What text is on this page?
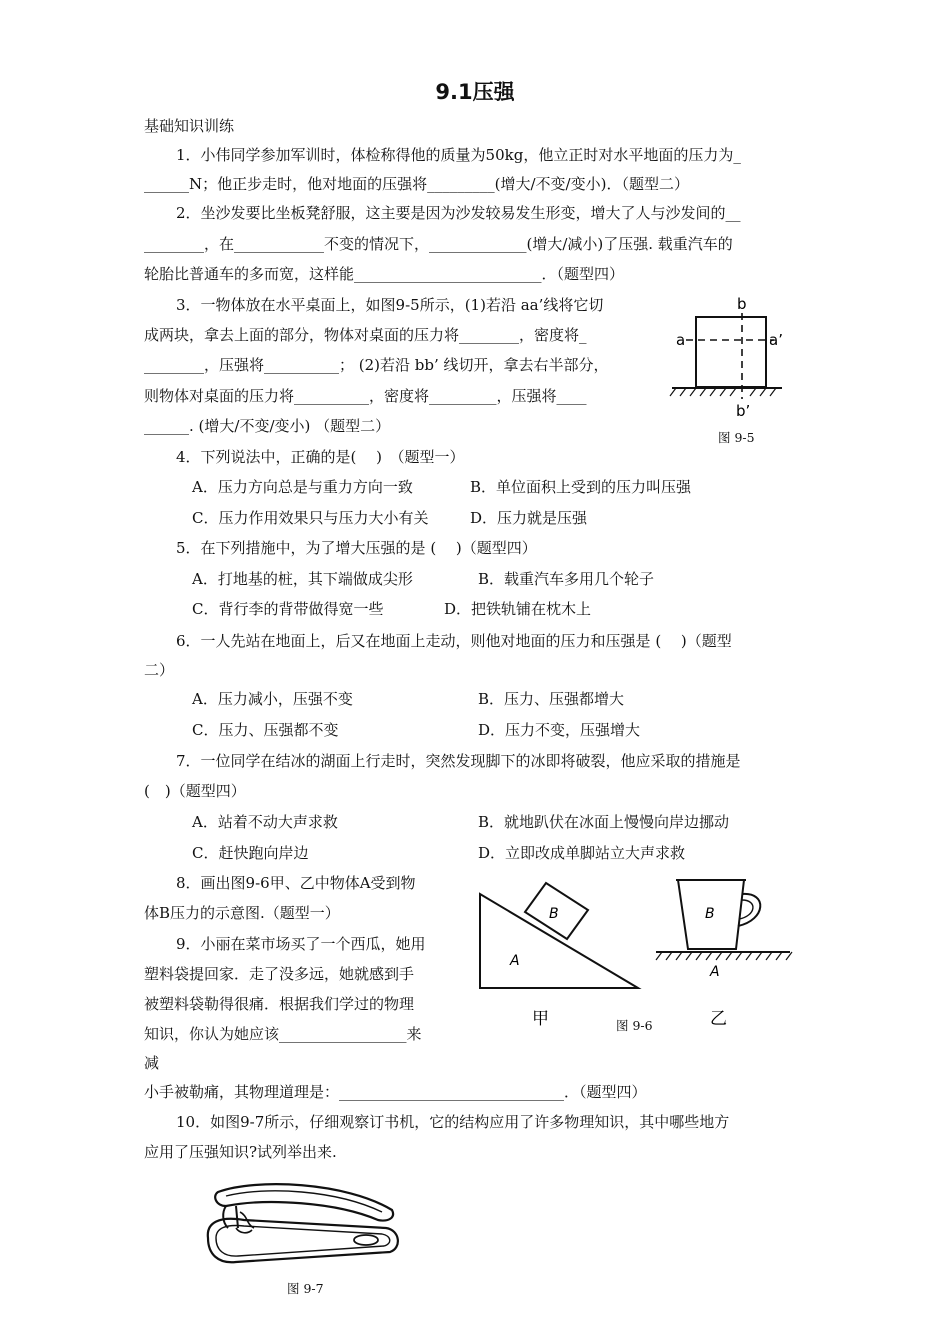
9.1压强
基础知识训练
1．小伟同学参加军训时，体检称得他的质量为50kg，他立正时对水平地面的压力为_
______N；他正步走时，他对地面的压强将_________(增大/不变/变小)．（题型二）
2．坐沙发要比坐板凳舒服，这主要是因为沙发较易发生形变，增大了人与沙发间的__
________，在____________不变的情况下，_____________(增大/减小)了压强. 载重汽车的
轮胎比普通车的多而宽，这样能_________________________．（题型四）
3．一物体放在水平桌面上，如图9-5所示，(1)若沿 aa’线将它切
成两块，拿去上面的部分，物体对桌面的压力将________，密度将_
________，压强将__________； (2)若沿 bb’ 线切开，拿去右半部分，
则物体对桌面的压力将__________，密度将_________，压强将____
______. (增大/不变/变小) （题型二）
a	a’
b
b’
图 9-5
4．下列说法中，正确的是(　 )　（题型一）
A．压力方向总是与重力方向一致	B．单位面积上受到的压力叫压强
C．压力作用效果只与压力大小有关	D．压力就是压强
5．在下列措施中，为了增大压强的是 (　 )（题型四）
A．打地基的桩，其下端做成尖形	B．载重汽车多用几个轮子
C．背行李的背带做得宽一些	D．把铁轨铺在枕木上
6．一人先站在地面上，后又在地面上走动，则他对地面的压力和压强是 (　 )（题型
二）
A．压力减小，压强不变	B．压力、压强都增大
C．压力、压强都不变	D．压力不变，压强增大
7．一位同学在结冰的湖面上行走时，突然发现脚下的冰即将破裂，他应采取的措施是
(　)（题型四）
A．站着不动大声求救	B．就地趴伏在冰面上慢慢向岸边挪动
C．赶快跑向岸边	D．立即改成单脚站立大声求救
8．画出图9-6甲、乙中物体A受到物
体B压力的示意图.（题型一）
9．小丽在菜市场买了一个西瓜，她用
塑料袋提回家．走了没多远，她就感到手
被塑料袋勒得很痛．根据我们学过的物理
知识，你认为她应该_________________来
减
小手被勒痛，其物理道理是：______________________________．（题型四）
B
A
甲
B
A
乙
图 9-6
10．如图9-7所示，仔细观察订书机，它的结构应用了许多物理知识，其中哪些地方
应用了压强知识?试列举出来.
图 9-7
